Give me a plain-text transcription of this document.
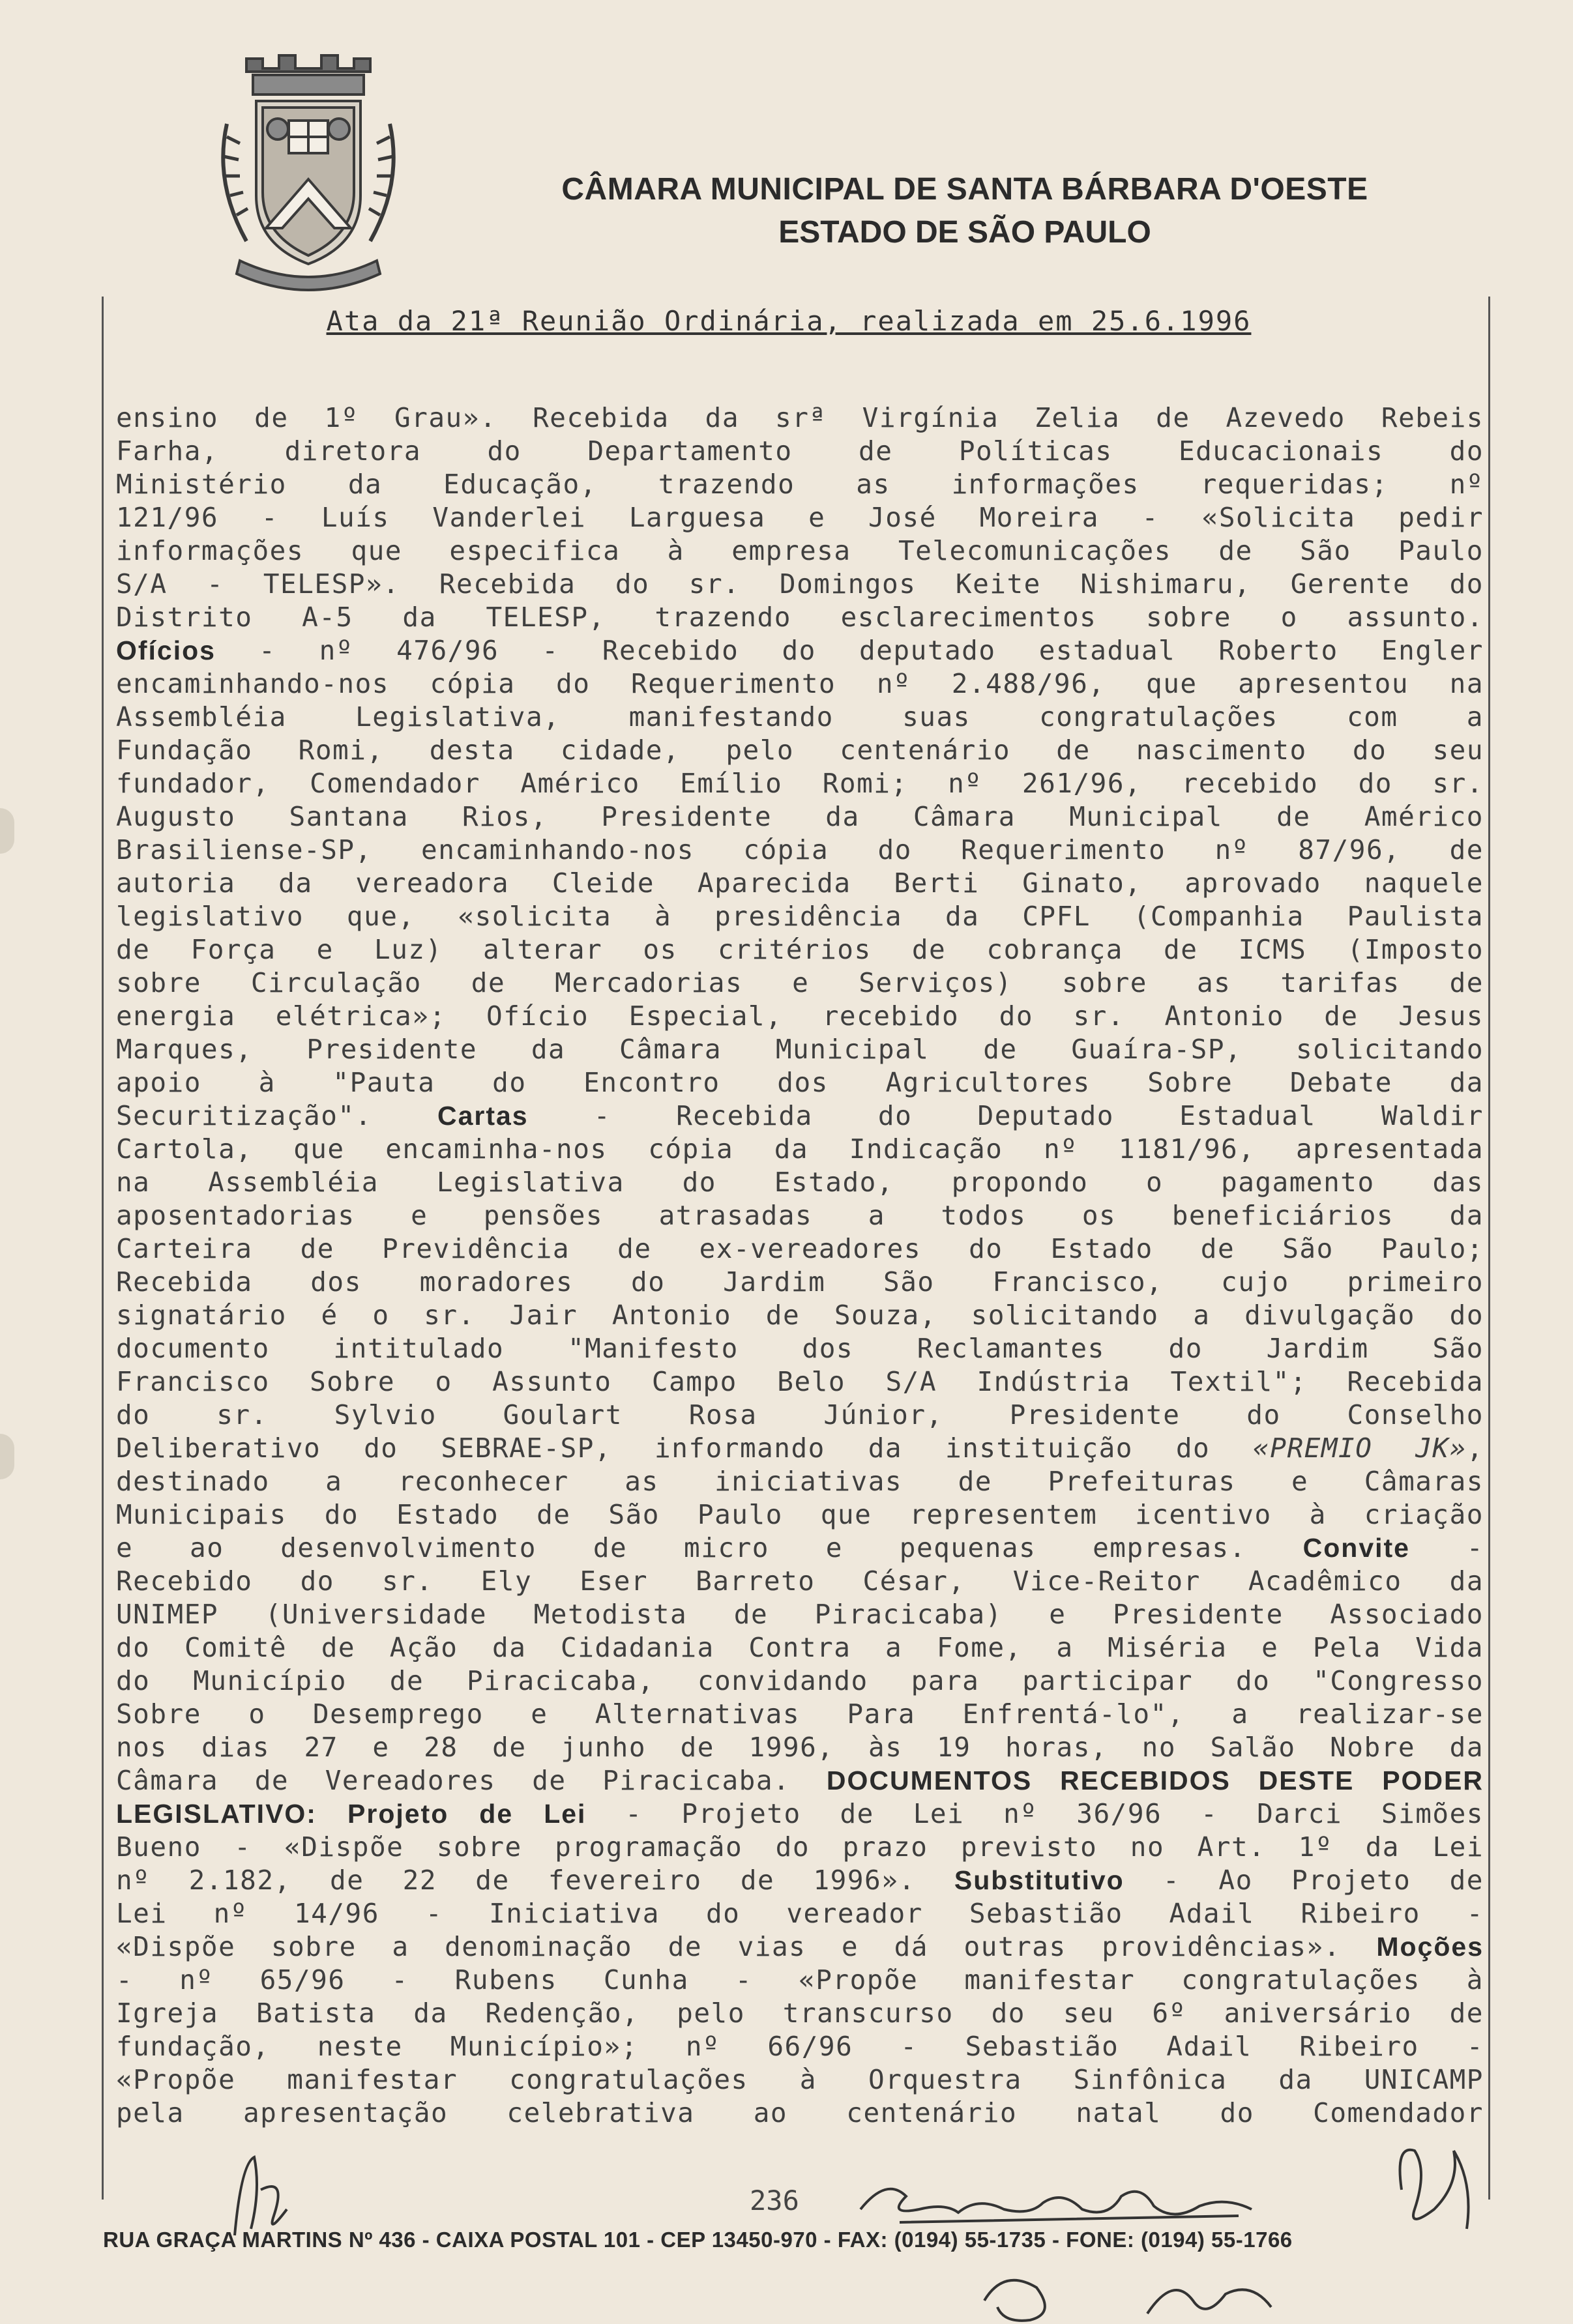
CÂMARA MUNICIPAL DE SANTA BÁRBARA D'OESTE
ESTADO DE SÃO PAULO
Ata da 21ª Reunião Ordinária, realizada em 25.6.1996
ensino de 1º Grau». Recebida da srª Virgínia Zelia de Azevedo Rebeis
Farha, diretora do Departamento de Políticas Educacionais do
Ministério da Educação, trazendo as informações requeridas; nº
121/96 - Luís Vanderlei Larguesa e José Moreira - «Solicita pedir
informações que especifica à empresa Telecomunicações de São Paulo
S/A - TELESP». Recebida do sr. Domingos Keite Nishimaru, Gerente do
Distrito A-5 da TELESP, trazendo esclarecimentos sobre o assunto.
Ofícios - nº 476/96 - Recebido do deputado estadual Roberto Engler
encaminhando-nos cópia do Requerimento nº 2.488/96, que apresentou na
Assembléia Legislativa, manifestando suas congratulações com a
Fundação Romi, desta cidade, pelo centenário de nascimento do seu
fundador, Comendador Américo Emílio Romi; nº 261/96, recebido do sr.
Augusto Santana Rios, Presidente da Câmara Municipal de Américo
Brasiliense-SP, encaminhando-nos cópia do Requerimento nº 87/96, de
autoria da vereadora Cleide Aparecida Berti Ginato, aprovado naquele
legislativo que, «solicita à presidência da CPFL (Companhia Paulista
de Força e Luz) alterar os critérios de cobrança de ICMS (Imposto
sobre Circulação de Mercadorias e Serviços) sobre as tarifas de
energia elétrica»; Ofício Especial, recebido do sr. Antonio de Jesus
Marques, Presidente da Câmara Municipal de Guaíra-SP, solicitando
apoio à "Pauta do Encontro dos Agricultores Sobre Debate da
Securitização". Cartas - Recebida do Deputado Estadual Waldir
Cartola, que encaminha-nos cópia da Indicação nº 1181/96, apresentada
na Assembléia Legislativa do Estado, propondo o pagamento das
aposentadorias e pensões atrasadas a todos os beneficiários da
Carteira de Previdência de ex-vereadores do Estado de São Paulo;
Recebida dos moradores do Jardim São Francisco, cujo primeiro
signatário é o sr. Jair Antonio de Souza, solicitando a divulgação do
documento intitulado "Manifesto dos Reclamantes do Jardim São
Francisco Sobre o Assunto Campo Belo S/A Indústria Textil"; Recebida
do sr. Sylvio Goulart Rosa Júnior, Presidente do Conselho
Deliberativo do SEBRAE-SP, informando da instituição do «PREMIO JK»,
destinado a reconhecer as iniciativas de Prefeituras e Câmaras
Municipais do Estado de São Paulo que representem icentivo à criação
e ao desenvolvimento de micro e pequenas empresas. Convite -
Recebido do sr. Ely Eser Barreto César, Vice-Reitor Acadêmico da
UNIMEP (Universidade Metodista de Piracicaba) e Presidente Associado
do Comitê de Ação da Cidadania Contra a Fome, a Miséria e Pela Vida
do Município de Piracicaba, convidando para participar do "Congresso
Sobre o Desemprego e Alternativas Para Enfrentá-lo", a realizar-se
nos dias 27 e 28 de junho de 1996, às 19 horas, no Salão Nobre da
Câmara de Vereadores de Piracicaba. DOCUMENTOS RECEBIDOS DESTE PODER
LEGISLATIVO: Projeto de Lei - Projeto de Lei nº 36/96 - Darci Simões
Bueno - «Dispõe sobre programação do prazo previsto no Art. 1º da Lei
nº 2.182, de 22 de fevereiro de 1996». Substitutivo - Ao Projeto de
Lei nº 14/96 - Iniciativa do vereador Sebastião Adail Ribeiro -
«Dispõe sobre a denominação de vias e dá outras providências». Moções
- nº 65/96 - Rubens Cunha - «Propõe manifestar congratulações à
Igreja Batista da Redenção, pelo transcurso do seu 6º aniversário de
fundação, neste Município»; nº 66/96 - Sebastião Adail Ribeiro -
«Propõe manifestar congratulações à Orquestra Sinfônica da UNICAMP
pela apresentação celebrativa ao centenário natal do Comendador
236
RUA GRAÇA MARTINS Nº 436 - CAIXA POSTAL 101 - CEP 13450-970 - FAX: (0194) 55-1735 - FONE: (0194) 55-1766
